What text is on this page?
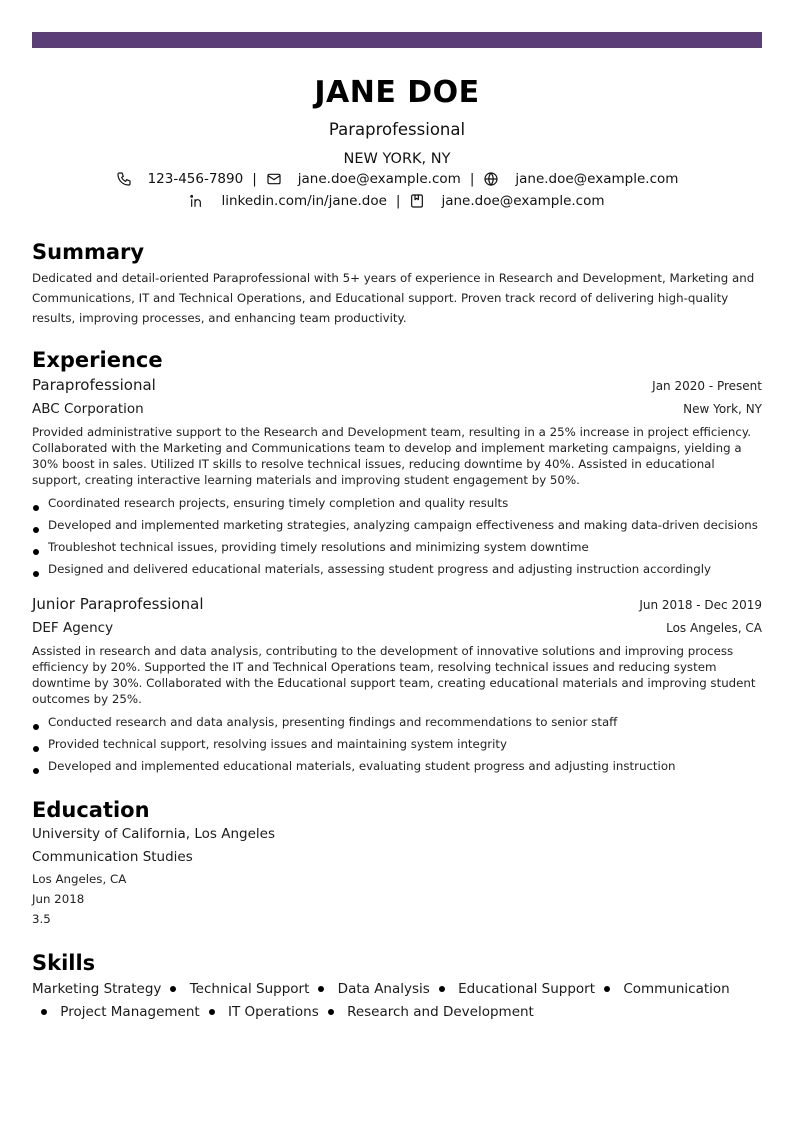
JANE DOE
Paraprofessional
NEW YORK, NY
123-456-7890 |	jane.doe@example.com |	jane.doe@example.com
linkedin.com/in/jane.doe |	jane.doe@example.com
Summary
Dedicated and detail-oriented Paraprofessional with 5+ years of experience in Research and Development, Marketing and Communications, IT and Technical Operations, and Educational support. Proven track record of delivering high-quality results, improving processes, and enhancing team productivity.
Experience
Paraprofessional	Jan 2020 - Present
ABC Corporation	New York, NY
Provided administrative support to the Research and Development team, resulting in a 25% increase in project efficiency. Collaborated with the Marketing and Communications team to develop and implement marketing campaigns, yielding a 30% boost in sales. Utilized IT skills to resolve technical issues, reducing downtime by 40%. Assisted in educational support, creating interactive learning materials and improving student engagement by 50%.
Coordinated research projects, ensuring timely completion and quality results
Developed and implemented marketing strategies, analyzing campaign effectiveness and making data-driven decisions
Troubleshot technical issues, providing timely resolutions and minimizing system downtime
Designed and delivered educational materials, assessing student progress and adjusting instruction accordingly
Junior Paraprofessional	Jun 2018 - Dec 2019
DEF Agency	Los Angeles, CA
Assisted in research and data analysis, contributing to the development of innovative solutions and improving process efficiency by 20%. Supported the IT and Technical Operations team, resolving technical issues and reducing system downtime by 30%. Collaborated with the Educational support team, creating educational materials and improving student outcomes by 25%.
Conducted research and data analysis, presenting findings and recommendations to senior staff
Provided technical support, resolving issues and maintaining system integrity
Developed and implemented educational materials, evaluating student progress and adjusting instruction
Education
University of California, Los Angeles
Communication Studies
Los Angeles, CA
Jun 2018
3.5
Skills
Marketing Strategy Technical Support Data Analysis Educational Support Communication Project Management IT Operations Research and Development
